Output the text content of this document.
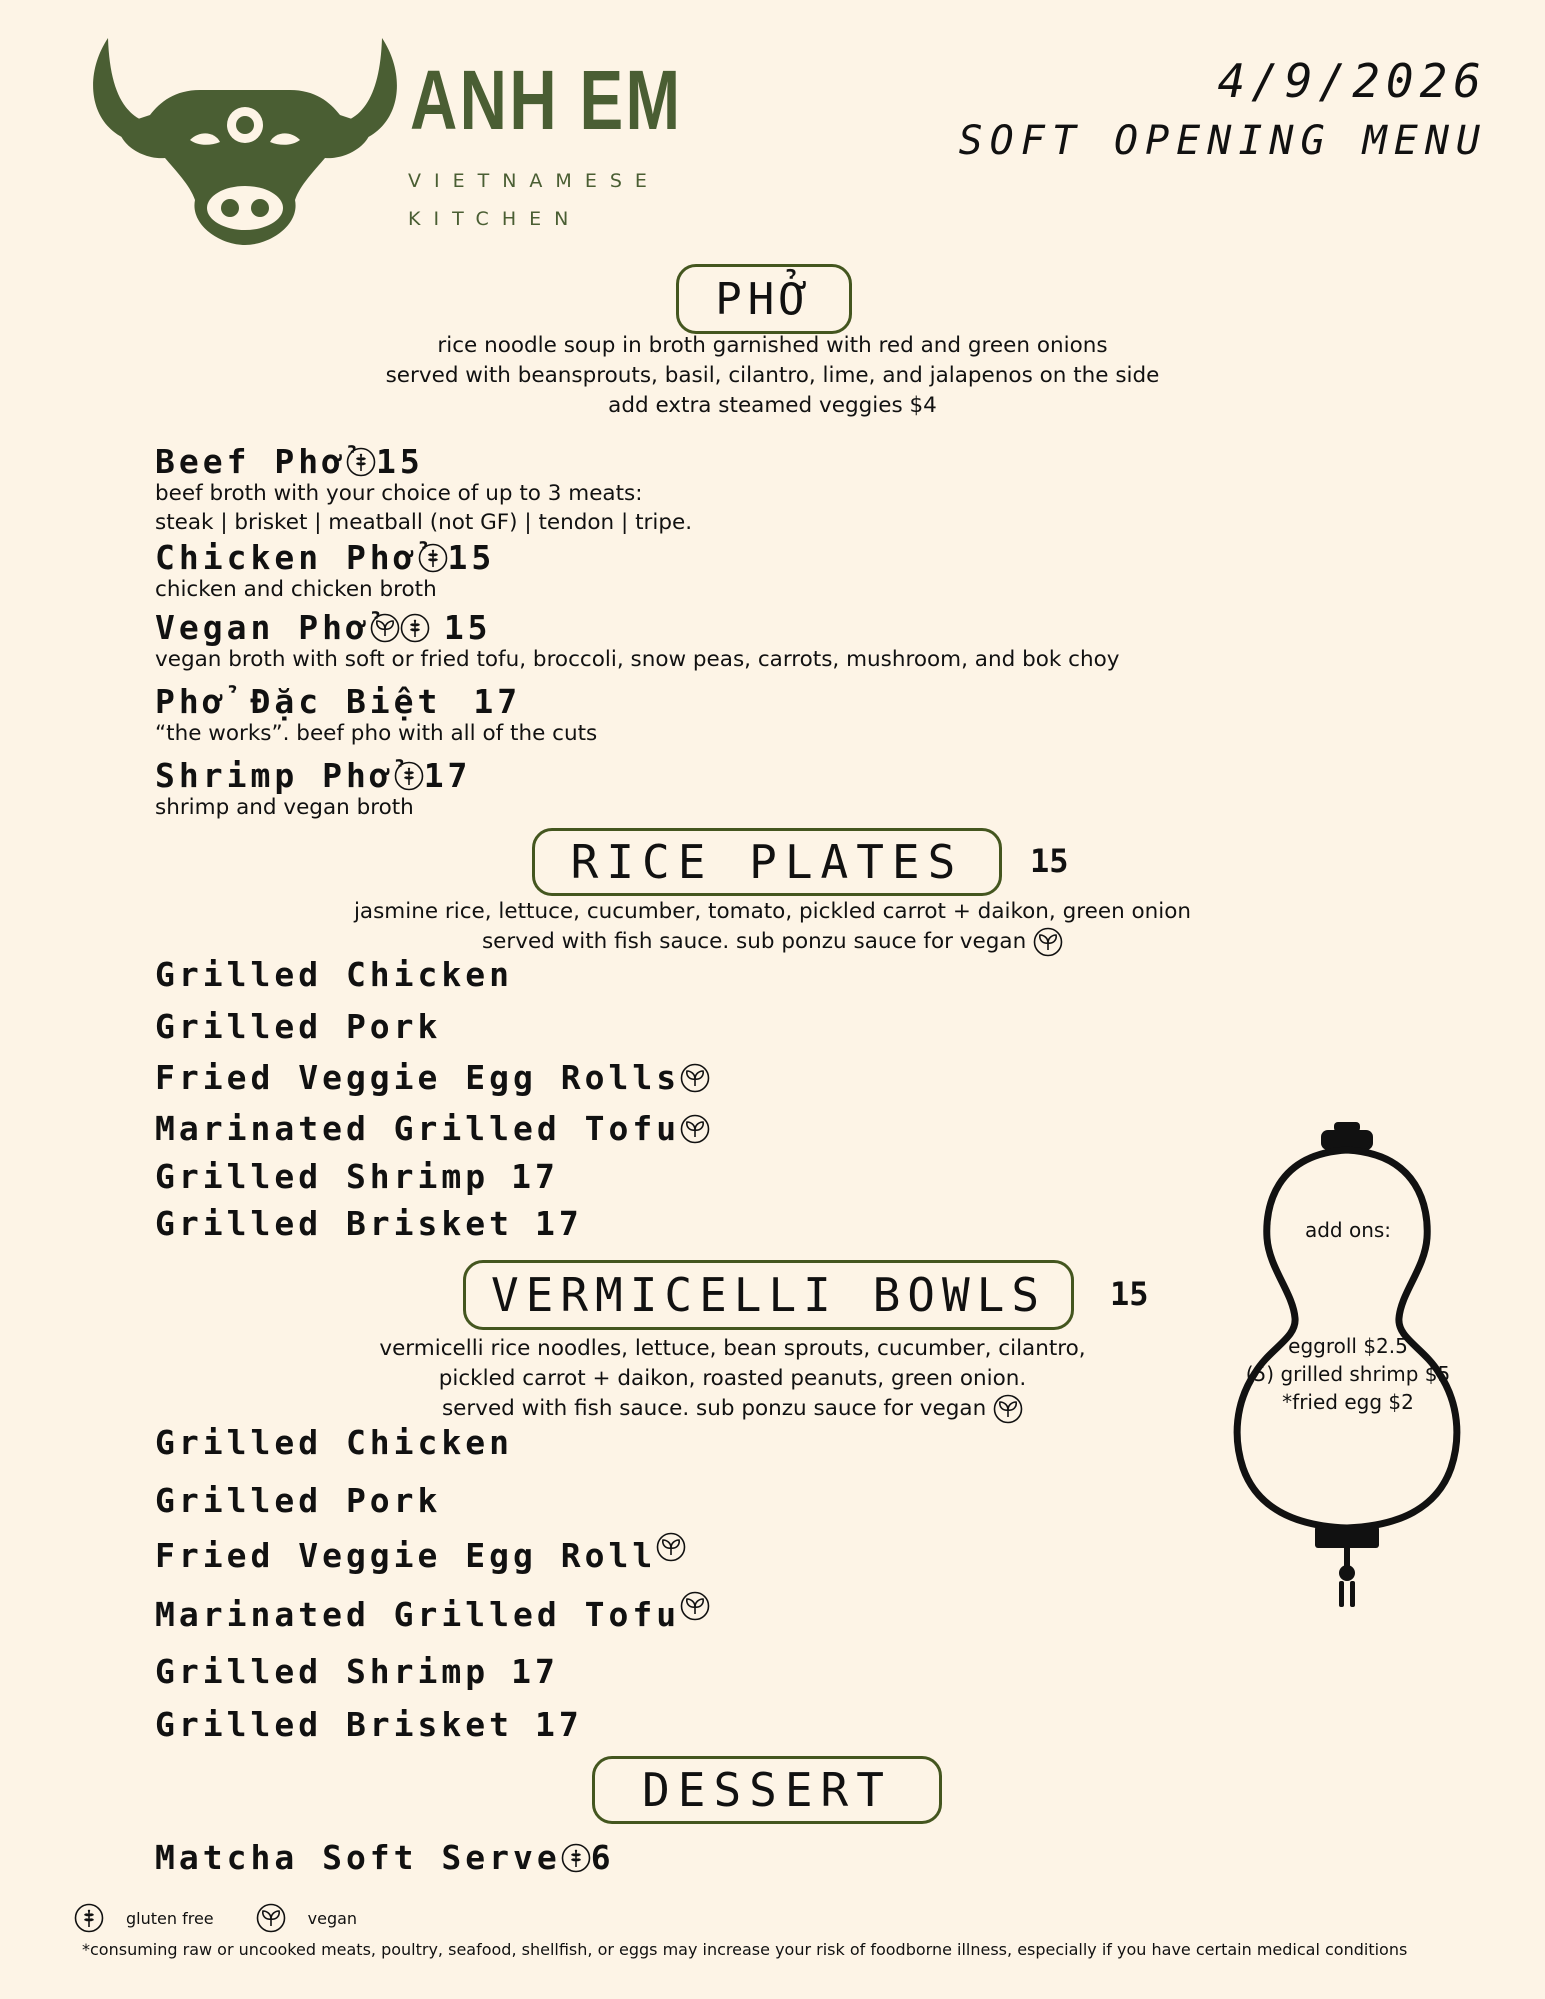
ANH EM
VIETNAMESE
KITCHEN
4/9/2026
SOFT OPENING MENU
PHỞ
rice noodle soup in broth garnished with red and green onions
served with beansprouts, basil, cilantro, lime, and jalapenos on the side
add extra steamed veggies $4
Beef Phở 15
beef broth with your choice of up to 3 meats:
steak | brisket | meatball (not GF) | tendon | tripe.
Chicken Phở 15
chicken and chicken broth
Vegan Phở 15
vegan broth with soft or fried tofu, broccoli, snow peas, carrots, mushroom, and bok choy
Phở Đặc Biệt 17
“the works”. beef pho with all of the cuts
Shrimp Phở 17
shrimp and vegan broth
RICE PLATES 15
jasmine rice, lettuce, cucumber, tomato, pickled carrot + daikon, green onion
served with fish sauce. sub ponzu sauce for vegan
Grilled Chicken
Grilled Pork
Fried Veggie Egg Rolls
Marinated Grilled Tofu
Grilled Shrimp 17
Grilled Brisket 17
VERMICELLI BOWLS 15
vermicelli rice noodles, lettuce, bean sprouts, cucumber, cilantro,
pickled carrot + daikon, roasted peanuts, green onion.
served with fish sauce. sub ponzu sauce for vegan
Grilled Chicken
Grilled Pork
Fried Veggie Egg Roll
Marinated Grilled Tofu
Grilled Shrimp 17
Grilled Brisket 17
DESSERT
Matcha Soft Serve 6
add ons:
eggroll $2.5
(5) grilled shrimp $5
*fried egg $2
gluten free	vegan
*consuming raw or uncooked meats, poultry, seafood, shellfish, or eggs may increase your risk of foodborne illness, especially if you have certain medical conditions
